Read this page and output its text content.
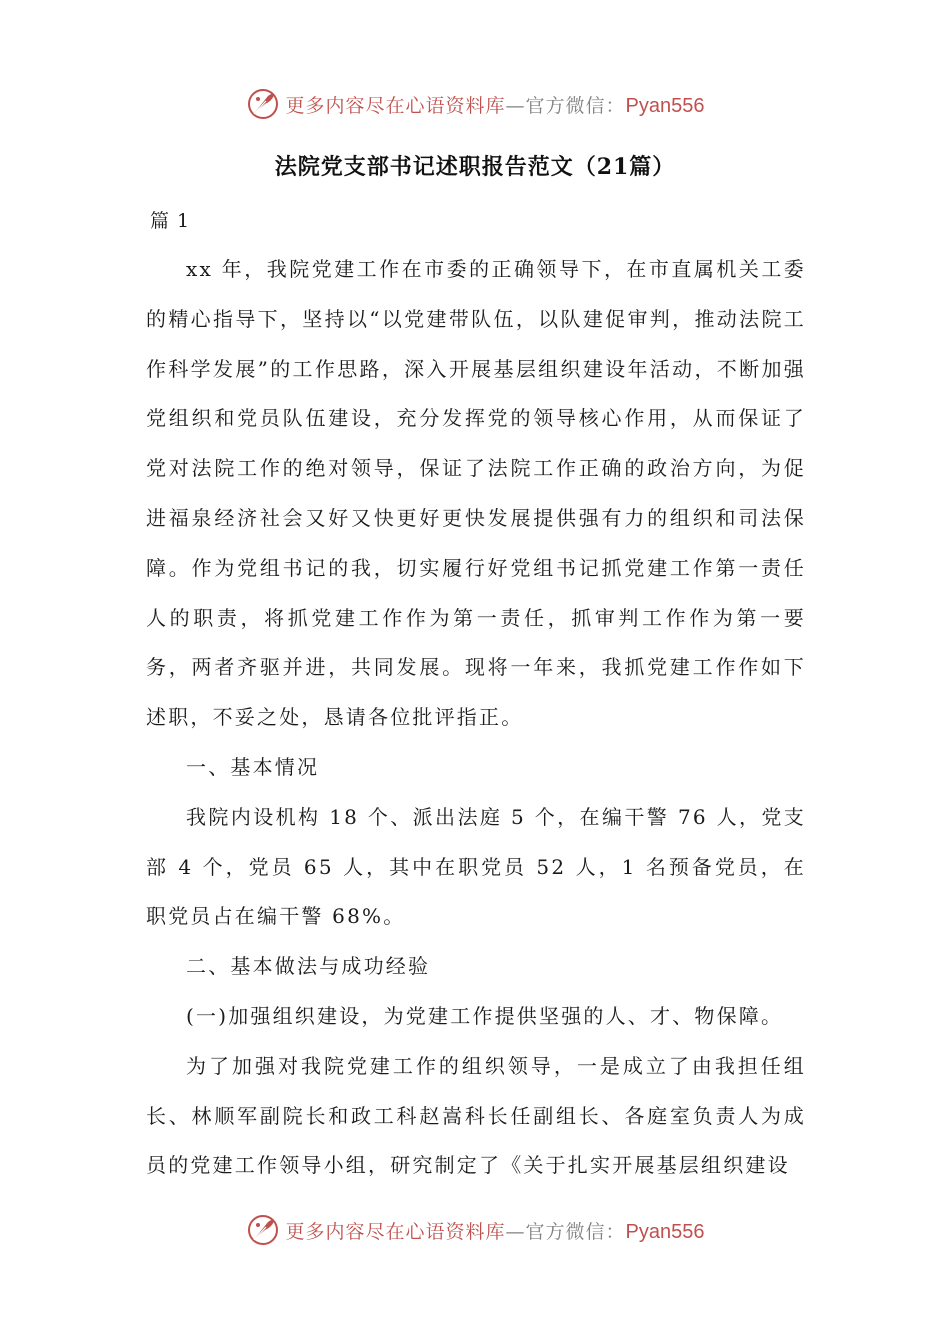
更多内容尽在心语资料库—官方微信：Pyan556
法院党支部书记述职报告范文（21篇）
篇 1

xx 年，我院党建工作在市委的正确领导下，在市直属机关工委的精心指导下，坚持以“以党建带队伍，以队建促审判，推动法院工作科学发展”的工作思路，深入开展基层组织建设年活动，不断加强党组织和党员队伍建设，充分发挥党的领导核心作用，从而保证了党对法院工作的绝对领导，保证了法院工作正确的政治方向，为促进福泉经济社会又好又快更好更快发展提供强有力的组织和司法保障。作为党组书记的我，切实履行好党组书记抓党建工作第一责任人的职责，将抓党建工作作为第一责任，抓审判工作作为第一要务，两者齐驱并进，共同发展。现将一年来，我抓党建工作作如下述职，不妥之处，恳请各位批评指正。

一、基本情况

我院内设机构 18 个、派出法庭 5 个，在编干警 76 人，党支部 4 个，党员 65 人，其中在职党员 52 人，1 名预备党员，在职党员占在编干警 68%。

二、基本做法与成功经验

(一)加强组织建设，为党建工作提供坚强的人、才、物保障。

为了加强对我院党建工作的组织领导，一是成立了由我担任组长、林顺军副院长和政工科赵嵩科长任副组长、各庭室负责人为成员的党建工作领导小组，研究制定了《关于扎实开展基层组织建设

更多内容尽在心语资料库—官方微信：Pyan556
